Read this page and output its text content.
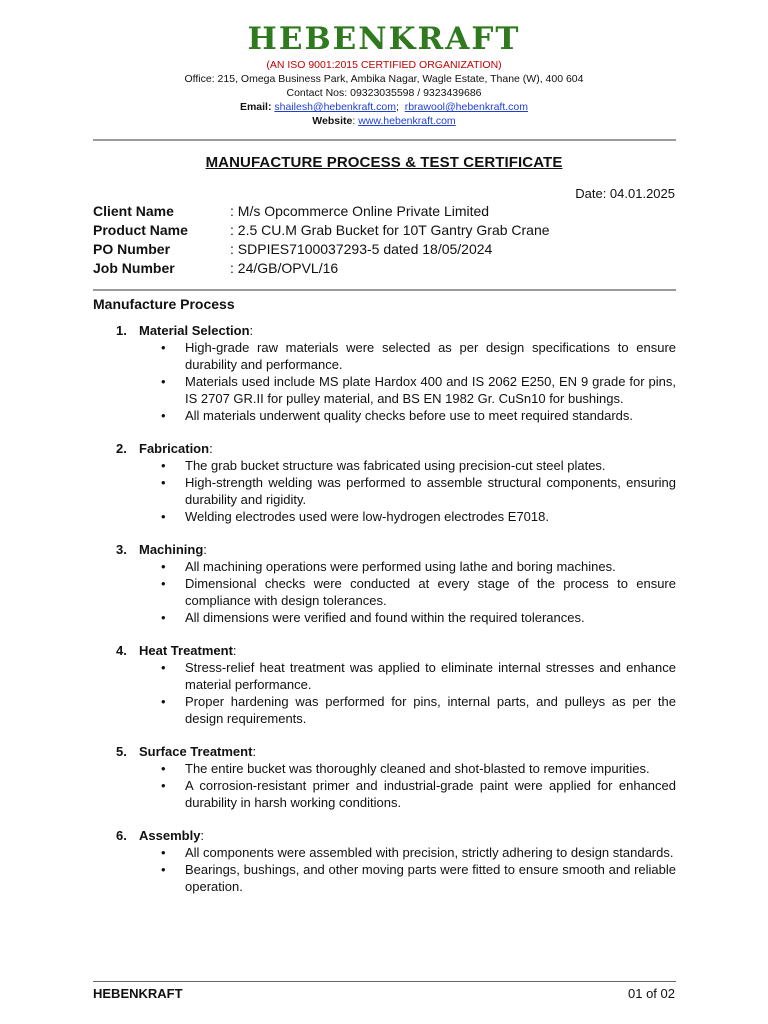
HEBENKRAFT
(AN ISO 9001:2015 CERTIFIED ORGANIZATION)
Office: 215, Omega Business Park, Ambika Nagar, Wagle Estate, Thane (W), 400 604
Contact Nos: 09323035598 / 9323439686
Email: shailesh@hebenkraft.com; rbrawool@hebenkraft.com
Website: www.hebenkraft.com
MANUFACTURE PROCESS & TEST CERTIFICATE
Date: 04.01.2025
Client Name	: M/s Opcommerce Online Private Limited
Product Name	: 2.5 CU.M Grab Bucket for 10T Gantry Grab Crane
PO Number	: SDPIES7100037293-5 dated 18/05/2024
Job Number	: 24/GB/OPVL/16
Manufacture Process
1. Material Selection:
• High-grade raw materials were selected as per design specifications to ensure durability and performance.
• Materials used include MS plate Hardox 400 and IS 2062 E250, EN 9 grade for pins, IS 2707 GR.II for pulley material, and BS EN 1982 Gr. CuSn10 for bushings.
• All materials underwent quality checks before use to meet required standards.
2. Fabrication:
• The grab bucket structure was fabricated using precision-cut steel plates.
• High-strength welding was performed to assemble structural components, ensuring durability and rigidity.
• Welding electrodes used were low-hydrogen electrodes E7018.
3. Machining:
• All machining operations were performed using lathe and boring machines.
• Dimensional checks were conducted at every stage of the process to ensure compliance with design tolerances.
• All dimensions were verified and found within the required tolerances.
4. Heat Treatment:
• Stress-relief heat treatment was applied to eliminate internal stresses and enhance material performance.
• Proper hardening was performed for pins, internal parts, and pulleys as per the design requirements.
5. Surface Treatment:
• The entire bucket was thoroughly cleaned and shot-blasted to remove impurities.
• A corrosion-resistant primer and industrial-grade paint were applied for enhanced durability in harsh working conditions.
6. Assembly:
• All components were assembled with precision, strictly adhering to design standards.
• Bearings, bushings, and other moving parts were fitted to ensure smooth and reliable operation.
HEBENKRAFT	01 of 02
